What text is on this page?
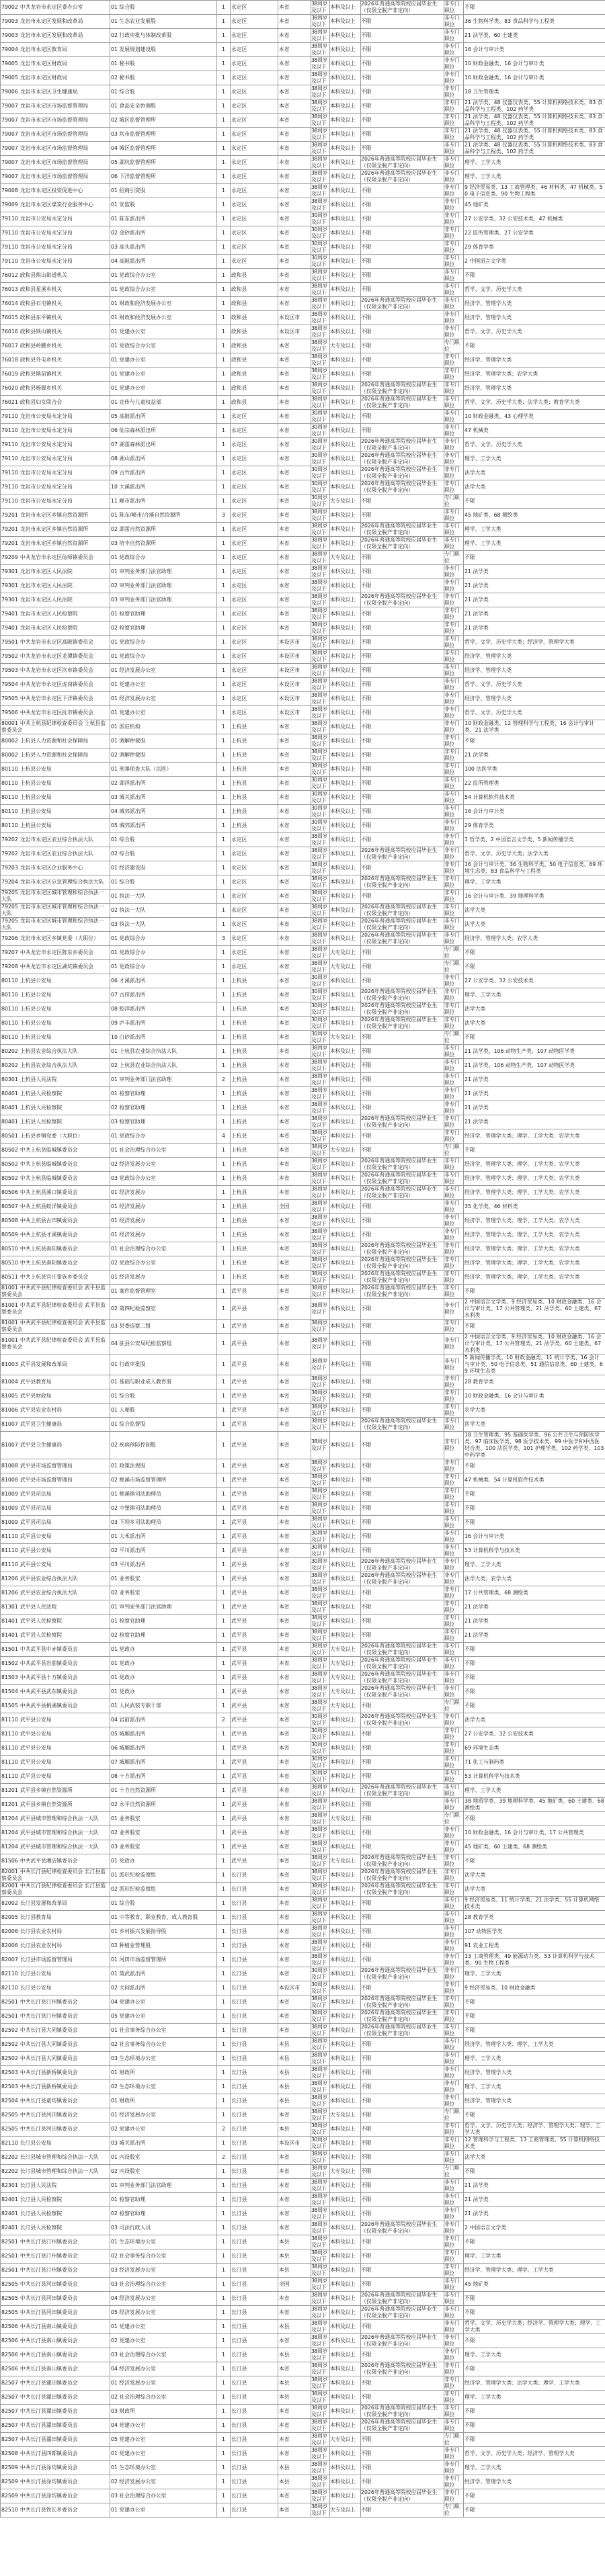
79002 中共龙岩市永定区委办公室	01 综合股	1	永定区	本省	38周岁及以下	本科及以上	2026年普通高等院校应届毕业生（仅限全脱产非定向）	非专门职位	不限
79003 龙岩市永定区发展和改革局	01 生态农业发展股	1	永定区	本省	38周岁及以下	本科及以上	不限	非专门职位	36 生物科学类、83 食品科学与工程类
79003 龙岩市永定区发展和改革局	02 行政审批与体制改革股	1	永定区	本省	38周岁及以下	本科及以上	不限	非专门职位	21 法学类、60 土建类
79004 龙岩市永定区教育局	01 发展规划建设股	1	永定区	本省	38周岁及以下	本科及以上	不限	非专门职位	16 会计与审计类
79005 龙岩市永定区财政局	01 秘书股	1	永定区	本省	38周岁及以下	本科及以上	不限	非专门职位	10 财政金融类、16 会计与审计类
79005 龙岩市永定区财政局	02 秘书股	1	永定区	本省	38周岁及以下	本科及以上	不限	非专门职位	10 财政金融类、16 会计与审计类
79006 龙岩市永定区卫生健康局	01 综合股	1	永定区	本省	38周岁及以下	本科及以上	不限	非专门职位	18 卫生管理类
79007 龙岩市永定区市场监督管理局	01 食品安全协调股	1	永定区	本省	38周岁及以下	本科及以上	不限	非专门职位	21 法学类、48 仪器仪表类、55 计算机网络技术类、83 食品科学与工程类、102 药学类
79007 龙岩市永定区市场监督管理局	02 城区监督管理所	1	永定区	本省	38周岁及以下	本科及以上	不限	非专门职位	21 法学类、48 仪器仪表类、55 计算机网络技术类、83 食品科学与工程类、102 药学类
79007 龙岩市永定区市场监督管理局	03 坎市监督管理所	1	永定区	本省	38周岁及以下	本科及以上	不限	非专门职位	21 法学类、48 仪器仪表类、55 计算机网络技术类、83 食品科学与工程类、102 药学类
79007 龙岩市永定区市场监督管理局	04 城区监督管理所	1	永定区	本省	38周岁及以下	本科及以上	不限	非专门职位	21 法学类、48 仪器仪表类、55 计算机网络技术类、83 食品科学与工程类、102 药学类
79007 龙岩市永定区市场监督管理局	05 湖坑监督管理所	1	永定区	本省	38周岁及以下	本科及以上	2026年普通高等院校应届毕业生（仅限全脱产非定向）	非专门职位	理学、工学大类
79007 龙岩市永定区市场监督管理局	06 下洋监督管理所	1	永定区	本省	38周岁及以下	本科及以上	2026年普通高等院校应届毕业生（仅限全脱产非定向）	非专门职位	理学、工学大类
79008 龙岩市永定区投资促进中心	01 招商引资股	1	永定区	本省	38周岁及以下	本科及以上	不限	非专门职位	9 经济贸易类、13 工商管理类、46 材料类、47 机械类、50 电子信息类、90 生物工程类
79009 龙岩市永定区煤炭行业服务中心	01 安监股	1	永定区	本省	38周岁及以下	本科及以上	不限	非专门职位	45 地矿类
79110 龙岩市公安局永定分局	01 陈东派出所	1	永定区	本省	30周岁及以下	本科及以上	不限	非专门职位	27 公安学类、32 公安技术类、47 机械类
79110 龙岩市公安局永定分局	02 金砂派出所	1	永定区	本省	30周岁及以下	本科及以上	不限	非专门职位	22 监所管理类、27 公安学类
79110 龙岩市公安局永定分局	03 高头派出所	1	永定区	本省	30周岁及以下	本科及以上	不限	非专门职位	29 体育学类
79110 龙岩市公安局永定分局	04 高陂派出所	1	永定区	本省	30周岁及以下	本科及以上	不限	非专门职位	2 中国语言文学类
76012 政和县熊山街道机关	01 党政综合办公室	1	政和县	本省	38周岁及以下	本科及以上	不限	非专门职位	不限
76013 政和县星溪乡机关	01 党政综合办公室	1	政和县	本省	38周岁及以下	本科及以上	不限	非专门职位	哲学、文学、历史学大类
76014 政和县石屯镇机关	01 财政和经济发展办公室	1	政和县	本省	38周岁及以下	本科及以上	2026年普通高等院校应届毕业生（仅限全脱产非定向）	非专门职位	经济学、管理学大类
76015 政和县东平镇机关	01 财政和经济发展办公室	1	政和县	本设区市	38周岁及以下	本科及以上	不限	非专门职位	经济学、管理学大类
76016 政和县铁山镇机关	01 党建办公室	1	政和县	本设区市	38周岁及以下	本科及以上	不限	非专门职位	哲学、文学、历史学大类
76017 政和县岭腰乡机关	01 党政综合办公室	1	政和县	本省	38周岁及以下	大专及以上	不限	专门职位	不限
76018 政和县外屯乡机关	01 党建办公室	1	政和县	本省	38周岁及以下	本科及以上	不限	非专门职位	经济学、管理学大类
76019 政和县镇前镇机关	01 党建办公室	1	政和县	本省	38周岁及以下	本科及以上	不限	非专门职位	经济学、管理学大类；农学大类
76020 政和县杨源乡机关	01 党建办公室	1	政和县	本省	38周岁及以下	本科及以上	2026年普通高等院校应届毕业生（仅限全脱产非定向）	非专门职位	经济学、管理学大类
76021 政和县妇女联合会	01 宣传与儿童权益部	1	政和县	本省	38周岁及以下	本科及以上	2026年普通高等院校应届毕业生（仅限全脱产非定向）	非专门职位	哲学、文学、历史学大类；法学大类；教育学大类
79110 龙岩市公安局永定分局	05 高陂派出所	1	永定区	本省	30周岁及以下	本科及以上	不限	非专门职位	10 财政金融类、43 心理学类
79110 龙岩市公安局永定分局	06 仙宗森林派出所	1	永定区	本省	30周岁及以下	本科及以上	不限	非专门职位	47 机械类
79110 龙岩市公安局永定分局	07 湖雷森林派出所	1	永定区	本省	30周岁及以下	本科及以上	2026年普通高等院校应届毕业生（仅限全脱产非定向）	非专门职位	哲学、文学、历史学大类
79110 龙岩市公安局永定分局	08 湖山派出所	1	永定区	本省	30周岁及以下	本科及以上	2026年普通高等院校应届毕业生（仅限全脱产非定向）	非专门职位	理学、工学大类
79110 龙岩市公安局永定分局	09 古竹派出所	1	永定区	本省	30周岁及以下	本科及以上	2026年普通高等院校应届毕业生（仅限全脱产非定向）	非专门职位	法学大类
79110 龙岩市公安局永定分局	10 大溪派出所	1	永定区	本省	30周岁及以下	本科及以上	2026年普通高等院校应届毕业生（仅限全脱产非定向）	非专门职位	法学大类
79110 龙岩市公安局永定分局	11 峰市派出所	1	永定区	本省	30周岁及以下	大专及以上	不限	专门职位	不限
79201 龙岩市永定区乡镇自然资源所	01 陈东/峰市/合溪自然资源所	3	永定区	本省	38周岁及以下	本科及以上	不限	非专门职位	45 地矿类、68 测绘类
79201 龙岩市永定区乡镇自然资源所	02 湖雷自然资源所	1	永定区	本省	38周岁及以下	本科及以上	2026年普通高等院校应届毕业生（仅限全脱产非定向）	非专门职位	理学、工学大类
79201 龙岩市永定区乡镇自然资源所	03 培丰自然资源所	1	永定区	本省	38周岁及以下	本科及以上	2026年普通高等院校应届毕业生（仅限全脱产非定向）	非专门职位	理学、工学大类
79209 中共龙岩市永定区仙师镇委员会	01 党政综合办	1	永定区	本省	38周岁及以下	大专及以上	不限	专门职位	不限
79301 龙岩市永定区人民法院	01 审判业务部门法官助理	1	永定区	本省	38周岁及以下	本科及以上	不限	非专门职位	21 法学类
79301 龙岩市永定区人民法院	02 审判业务部门法官助理	1	永定区	本省	38周岁及以下	本科及以上	不限	非专门职位	21 法学类
79301 龙岩市永定区人民法院	03 审判业务部门法官助理	1	永定区	本省	38周岁及以下	本科及以上	2026年普通高等院校应届毕业生（仅限全脱产非定向）	非专门职位	21 法学类
79401 龙岩市永定区人民检察院	01 检察官助理	1	永定区	本省	38周岁及以下	本科及以上	不限	非专门职位	21 法学类
79401 龙岩市永定区人民检察院	02 检察官助理	1	永定区	本省	38周岁及以下	本科及以上	不限	非专门职位	21 法学类
79501 中共龙岩市永定区高陂镇委员会	01 党政综合办	1	永定区	本设区市	38周岁及以下	本科及以上	不限	非专门职位	哲学、文学、历史学大类；经济学、管理学大类
79502 中共龙岩市永定区龙潭镇委员会	01 党政综合办	1	永定区	本设区市	38周岁及以下	本科及以上	不限	非专门职位	经济学、管理学大类
79503 中共龙岩市永定区坎市镇委员会	01 经济发展办公室	1	永定区	本设区市	38周岁及以下	本科及以上	不限	非专门职位	经济学、管理学大类
79504 中共龙岩市永定区虎岗镇委员会	01 党建办公室	1	永定区	本设区市	38周岁及以下	本科及以上	不限	非专门职位	哲学、文学、历史学大类
79505 中共龙岩市永定区下洋镇委员会	01 经济发展办公室	1	永定区	本设区市	38周岁及以下	本科及以上	不限	非专门职位	经济学、管理学大类
79506 中共龙岩市永定区抚市镇委员会	01 党建办公室	1	永定区	本设区市	38周岁及以下	本科及以上	不限	非专门职位	哲学、文学、历史学大类
80001 中共上杭县纪律检查委员会 上杭县监察委员会	01 派驻机构	1	上杭县	本省	38周岁及以下	本科及以上	不限	非专门职位	10 财政金融类、12 管理科学与工程类、16 会计与审计类、21 法学类
80002 上杭县人力资源和社会保障局	01 调解仲裁股	1	上杭县	本省	38周岁及以下	本科及以上	不限	非专门职位	不限
80002 上杭县人力资源和社会保障局	02 调解仲裁股	1	上杭县	本省	38周岁及以下	本科及以上	不限	非专门职位	21 法学类
80110 上杭县公安局	01 刑事侦查大队（法医）	1	上杭县	本省	38周岁及以下	本科及以上	不限	非专门职位	100 法医学类
80110 上杭县公安局	02 湖洋派出所	1	上杭县	本省	30周岁及以下	本科及以上	不限	非专门职位	22 监所管理类
80110 上杭县公安局	03 城关派出所	1	上杭县	本省	30周岁及以下	本科及以上	不限	非专门职位	54 计算机软件技术类
80110 上杭县公安局	04 城郊派出所	1	上杭县	本省	30周岁及以下	本科及以上	不限	非专门职位	16 会计与审计类
80110 上杭县公安局	05 城郊派出所	1	上杭县	本省	30周岁及以下	本科及以上	不限	非专门职位	29 体育学类
79202 龙岩市永定区农业综合执法大队	01 综合股	1	永定区	本省	38周岁及以下	本科及以上	不限	非专门职位	1 哲学类、2 中国语言文学类、5 新闻传播学类
79202 龙岩市永定区农业综合执法大队	02 综合股	1	永定区	本省	38周岁及以下	本科及以上	2026年普通高等院校应届毕业生（仅限全脱产非定向）	非专门职位	哲学、文学、历史学大类；法学大类
79203 龙岩市永定区企业服务中心	01 经济建设股	1	永定区	本省	38周岁及以下	本科及以上	不限	非专门职位	16 会计与审计类、36 生物科学类、50 电子信息类、69 环境生态类、83 食品科学与工程类
79204 龙岩市永定区应急管理综合执法大队	01 综合股	1	永定区	本省	38周岁及以下	本科及以上	2026年普通高等院校应届毕业生（仅限全脱产非定向）	非专门职位	理学、工学大类
79205 龙岩市永定区城市管理和综合执法一大队	01 执法一大队	1	永定区	本省	38周岁及以下	本科及以上	不限	非专门职位	16 会计与审计类、39 地理科学类
79205 龙岩市永定区城市管理和综合执法一大队	02 执法一大队	1	永定区	本省	38周岁及以下	本科及以上	2026年普通高等院校应届毕业生（仅限全脱产非定向）	非专门职位	法学大类
79205 龙岩市永定区城市管理和综合执法一大队	03 执法一大队	1	永定区	本省	38周岁及以下	本科及以上	2026年普通高等院校应届毕业生（仅限全脱产非定向）	非专门职位	法学大类
79206 龙岩市永定区乡镇党委（大职位）	01 党政综合办	3	永定区	本省	38周岁及以下	本科及以上	2026年普通高等院校应届毕业生（仅限全脱产非定向）	非专门职位	经济学、管理学大类；农学大类
79207 中共龙岩市永定区陈东乡委员会	01 党政综合办	1	永定区	本省	38周岁及以下	大专及以上	不限	专门职位	不限
79208 中共龙岩市永定区湖坑镇委员会	01 党政综合办	1	永定区	本省	38周岁及以下	大专及以上	不限	专门职位	不限
80110 上杭县公安局	06 才溪派出所	1	上杭县	本省	30周岁及以下	本科及以上	不限	非专门职位	27 公安学类、32 公安技术类
80110 上杭县公安局	07 古田派出所	1	上杭县	本省	30周岁及以下	本科及以上	2026年普通高等院校应届毕业生（仅限全脱产非定向）	非专门职位	理学、工学大类
80110 上杭县公安局	08 蛟洋派出所	1	上杭县	本省	30周岁及以下	本科及以上	2026年普通高等院校应届毕业生（仅限全脱产非定向）	非专门职位	法学大类
80110 上杭县公安局	09 庐丰派出所	1	上杭县	本省	30周岁及以下	本科及以上	2026年普通高等院校应届毕业生（仅限全脱产非定向）	非专门职位	法学大类
80110 上杭县公安局	10 白砂派出所	1	上杭县	本省	30周岁及以下	大专及以上	不限	专门职位	不限
80202 上杭县农业综合执法大队	01 上杭县农业综合执法大队	1	上杭县	本省	38周岁及以下	本科及以上	不限	非专门职位	21 法学类、106 动物生产类、107 动物医学类
80202 上杭县农业综合执法大队	02 上杭县农业综合执法大队	1	上杭县	本省	38周岁及以下	本科及以上	不限	非专门职位	21 法学类、106 动物生产类、107 动物医学类
80301 上杭县人民法院	01 审判业务部门法官助理	2	上杭县	本省	38周岁及以下	本科及以上	不限	非专门职位	21 法学类
80401 上杭县人民检察院	01 检察官助理	1	上杭县	本省	38周岁及以下	本科及以上	不限	非专门职位	21 法学类
80401 上杭县人民检察院	02 检察官助理	1	上杭县	本省	38周岁及以下	本科及以上	不限	非专门职位	21 法学类
80401 上杭县人民检察院	03 检察官助理	1	上杭县	本省	38周岁及以下	本科及以上	2026年普通高等院校应届毕业生（仅限全脱产非定向）	非专门职位	21 法学类
80501 上杭县乡镇党委（大职位）	01 党政综合办	4	上杭县	本省	38周岁及以下	本科及以上	不限	非专门职位	经济学、管理学大类；理学、工学大类；农学大类
80502 中共上杭县临城镇委员会	01 社会治理综合办公室	1	上杭县	本省	38周岁及以下	大专及以上	不限	专门职位	不限
80502 中共上杭县临城镇委员会	02 经济发展办公室	1	上杭县	本省	38周岁及以下	本科及以上	2026年普通高等院校应届毕业生（仅限全脱产非定向）	非专门职位	经济学、管理学大类；理学、工学大类；农学大类
80502 中共上杭县临城镇委员会	03 党政综合办公室	1	上杭县	本省	38周岁及以下	本科及以上	2026年普通高等院校应届毕业生（仅限全脱产非定向）	非专门职位	经济学、管理学大类；理学、工学大类；农学大类
80506 中共上杭县溪口镇委员会	01 经济发展办	1	上杭县	本省	38周岁及以下	本科及以上	2026年普通高等院校应届毕业生（仅限全脱产非定向）	非专门职位	经济学、管理学大类；理学、工学大类；农学大类
80507 中共上杭县蛟洋镇委员会	01 经济发展办	1	上杭县	全国	38周岁及以下	本科及以上	不限	非专门职位	35 化学类、46 材料类
80508 中共上杭县古田镇委员会	01 经济发展办	1	上杭县	本省	38周岁及以下	本科及以上	不限	非专门职位	经济学、管理学大类；理学、工学大类；农学大类
80509 中共上杭县才溪镇委员会	01 经济发展办	1	上杭县	本省	38周岁及以下	本科及以上	不限	非专门职位	经济学、管理学大类；理学、工学大类；农学大类
80510 中共上杭县南阳镇委员会	01 社会治理综合办公室	1	上杭县	本省	38周岁及以下	本科及以上	2026年普通高等院校应届毕业生（仅限全脱产非定向）	非专门职位	经济学、管理学大类；理学、工学大类；农学大类
80510 中共上杭县南阳镇委员会	02 党政综合办公室	1	上杭县	本省	38周岁及以下	本科及以上	2026年普通高等院校应届毕业生（仅限全脱产非定向）	非专门职位	经济学、管理学大类；理学、工学大类；农学大类
80511 中共上杭县官庄畲族乡委员会	01 经济发展办	1	上杭县	本省	38周岁及以下	本科及以上	2026年普通高等院校应届毕业生（仅限全脱产非定向）	非专门职位	经济学、管理学大类；理学、工学大类；农学大类
81001 中共武平县纪律检查委员会 武平县监察委员会	01 案件监督管理室	1	武平县	本省	38周岁及以下	本科及以上	2026年普通高等院校应届毕业生（仅限全脱产非定向）	非专门职位	不限
81001 中共武平县纪律检查委员会 武平县监察委员会	02 第四纪检监察室	1	武平县	本省	38周岁及以下	本科及以上	不限	非专门职位	2 中国语言文学类、9 经济贸易类、10 财政金融类、16 会计与审计类、17 公共管理类、21 法学类、60 土建类、67 水利类
81001 中共武平县纪律检查委员会 武平县监察委员会	03 县委巡察二组	1	武平县	本省	38周岁及以下	本科及以上	不限	非专门职位	不限
81001 中共武平县纪律检查委员会 武平县监察委员会	04 驻县公安局纪检监察组	1	武平县	本省	38周岁及以下	本科及以上	不限	非专门职位	2 中国语言文学类、9 经济贸易类、10 财政金融类、16 会计与审计类、17 公共管理类、21 法学类、60 土建类、67 水利类
81003 武平县发展和改革局	01 行政审批股	1	武平县	本省	38周岁及以下	本科及以上	不限	非专门职位	5 新闻传播学类、10 财政金融类、11 统计学类、16 会计与审计类、50 电子信息类、51 通信信息类、60 土建类、69 环境生态类
81004 武平县教育局	01 基础与职业成人教育股	1	武平县	本省	38周岁及以下	本科及以上	不限	非专门职位	28 教育学类
81005 武平县财政局	01 综合股	1	武平县	本省	38周岁及以下	本科及以上	不限	非专门职位	10 财政金融类、16 会计与审计类
81006 武平县农业农村局	01 人秘股	1	武平县	本省	38周岁及以下	本科及以上	不限	非专门职位	农学大类
81007 武平县卫生健康局	01 综合监督股	1	武平县	本省	38周岁及以下	本科及以上	2026年普通高等院校应届毕业生（仅限全脱产非定向）	非专门职位	医学大类
81007 武平县卫生健康局	02 疾病预防控制股	1	武平县	本省	38周岁及以下	本科及以上	不限	非专门职位	18 卫生管理类、95 基础医学类、96 公共卫生与预防医学类、97 临床医学类、98 医学技术类、99 中医学和中西医结合类、100 法医学类、101 护理学类、102 药学类、103 中药学类
81008 武平县市场监督管理局	01 政策法规股	1	武平县	本省	38周岁及以下	本科及以上	不限	非专门职位	不限
81008 武平县市场监督管理局	02 桃溪市场监督管理所	1	武平县	本省	38周岁及以下	本科及以上	不限	非专门职位	47 机械类、54 计算机软件技术类
81009 武平县司法局	01 桃溪镇司法助理员	1	武平县	本省	38周岁及以下	本科及以上	不限	非专门职位	不限
81009 武平县司法局	02 中堡镇司法助理员	1	武平县	本省	38周岁及以下	本科及以上	不限	非专门职位	不限
81009 武平县司法局	03 下坝乡司法助理员	1	武平县	本省	38周岁及以下	本科及以上	不限	非专门职位	不限
81110 武平县公安局	01 大禾派出所	1	武平县	本省	30周岁及以下	本科及以上	不限	非专门职位	16 会计与审计类
81110 武平县公安局	02 平川派出所	1	武平县	本省	30周岁及以下	本科及以上	不限	非专门职位	53 计算机科学与技术类
81110 武平县公安局	03 平川派出所	1	武平县	本省	30周岁及以下	本科及以上	2026年普通高等院校应届毕业生（仅限全脱产非定向）	非专门职位	理学、工学大类
81206 武平县农业综合执法大队	01 业务股室	1	武平县	本省	38周岁及以下	本科及以上	2026年普通高等院校应届毕业生（仅限全脱产非定向）	非专门职位	法学大类；农学大类
81206 武平县农业综合执法大队	02 业务股室	1	武平县	本省	38周岁及以下	本科及以上	不限	非专门职位	17 公共管理类、68 测绘类
81301 武平县人民法院	01 审判业务部门法官助理	1	武平县	本省	38周岁及以下	本科及以上	不限	非专门职位	21 法学类
81401 武平县人民检察院	01 检察官助理	1	武平县	本省	38周岁及以下	本科及以上	不限	非专门职位	21 法学类
81401 武平县人民检察院	02 检察官助理	1	武平县	本省	38周岁及以下	本科及以上	不限	非专门职位	21 法学类
81501 中共武平县中赤镇委员会	01 党政办	1	武平县	本省	38周岁及以下	大专及以上	2026年普通高等院校应届毕业生（仅限全脱产非定向）	非专门职位	不限
81502 中共武平县岩前镇委员会	01 党政办	1	武平县	本省	38周岁及以下	大专及以上	2026年普通高等院校应届毕业生（仅限全脱产非定向）	非专门职位	不限
81503 中共武平县十方镇委员会	01 党政办	1	武平县	本省	38周岁及以下	大专及以上	2026年普通高等院校应届毕业生（仅限全脱产非定向）	非专门职位	不限
81504 中共武平县武东镇委员会	01 党政办	1	武平县	本省	38周岁及以下	大专及以上	2026年普通高等院校应届毕业生（仅限全脱产非定向）	非专门职位	不限
81505 中共武平县桃溪镇委员会	01 人民武装专职干部	1	武平县	本省	38周岁及以下	大专及以上	不限	专门职位	不限
81110 武平县公安局	04 岩前派出所	2	武平县	本省	30周岁及以下	本科及以上	2026年普通高等院校应届毕业生（仅限全脱产非定向）	非专门职位	法学大类
81110 武平县公安局	05 城厢派出所	1	武平县	本省	30周岁及以下	本科及以上	不限	非专门职位	27 公安学类、32 公安技术类
81110 武平县公安局	06 城厢派出所	1	武平县	本省	30周岁及以下	本科及以上	不限	非专门职位	69 环境生态类
81110 武平县公安局	07 城厢派出所	1	武平县	本省	30周岁及以下	本科及以上	不限	非专门职位	71 化工与制药类
81110 武平县公安局	08 十方派出所	1	武平县	本省	30周岁及以下	本科及以上	不限	非专门职位	53 计算机科学与技术类
81201 武平县乡镇自然资源所	01 十方自然资源所	1	武平县	本省	38周岁及以下	本科及以上	2026年普通高等院校应届毕业生（仅限全脱产非定向）	非专门职位	理学、工学大类
81201 武平县乡镇自然资源所	02 永平自然资源所	1	武平县	本省	38周岁及以下	本科及以上	不限	非专门职位	38 地质学类、39 地理科学类、45 地矿类、60 土建类、68 测绘类
81204 武平县城市管理和综合执法一大队	01 业务股室	1	武平县	本省	38周岁及以下	大专及以上	不限	专门职位	不限
81204 武平县城市管理和综合执法一大队	02 业务股室	1	武平县	本省	38周岁及以下	本科及以上	不限	非专门职位	10 财政金融类、16 会计与审计类、17 公共管理类
81204 武平县城市管理和综合执法一大队	03 业务股室	1	武平县	本省	38周岁及以下	本科及以上	不限	非专门职位	45 地矿类、60 土建类、68 测绘类
81506 中共武平县湘店镇委员会	01 党政办	1	武平县	本省	38周岁及以下	大专及以上	2026年普通高等院校应届毕业生（仅限全脱产非定向）	非专门职位	不限
82001 中共长汀县纪律检查委员会 长汀县监察委员会	01 派驻纪检监察组	1	长汀县	本省	38周岁及以下	本科及以上	2026年普通高等院校应届毕业生（仅限全脱产非定向）	非专门职位	法学大类
82001 中共长汀县纪律检查委员会 长汀县监察委员会	02 派驻纪检监察组	1	长汀县	本省	38周岁及以下	本科及以上	2026年普通高等院校应届毕业生（仅限全脱产非定向）	非专门职位	法学大类
82002 长汀县发展和改革局	01 综合股	1	长汀县	本省	38周岁及以下	本科及以上	不限	非专门职位	9 经济贸易类、11 统计学类、21 法学类、55 计算机网络技术类
82005 长汀县教育局	01 中等教育、职业教育、成人教育股	1	长汀县	本省	38周岁及以下	本科及以上	不限	非专门职位	28 教育学类
82006 长汀县农业农村局	01 乡村振兴发展指导股	1	长汀县	本省	38周岁及以下	本科及以上	不限	非专门职位	107 动物医学类
82006 长汀县农业农村局	02 种植业管理股	1	长汀县	本省	38周岁及以下	本科及以上	不限	非专门职位	91 农业工程类
82007 长汀县市场监督管理局	01 河田市场监督管理所	1	长汀县	本省	38周岁及以下	本科及以上	不限	非专门职位	13 工商管理类、49 能源动力类、53 计算机科学与技术类、90 生物工程类
82110 长汀县公安局	01 策武派出所	1	长汀县	本省	30周岁及以下	本科及以上	2026年普通高等院校应届毕业生（仅限全脱产非定向）	非专门职位	理学、工学大类
82110 长汀县公安局	02 大同派出所	1	长汀县	本设区市	30周岁及以下	本科及以上	不限	非专门职位	9 经济贸易类、10 财政金融类
82501 中共长汀县汀州镇委员会	04 党建办公室	1	长汀县	本省	38周岁及以下	本科及以上	2026年普通高等院校应届毕业生（仅限全脱产非定向）	非专门职位	不限
82501 中共长汀县汀州镇委员会	05 党建办公室	1	长汀县	本省	38周岁及以下	本科及以上	2026年普通高等院校应届毕业生（仅限全脱产非定向）	非专门职位	不限
82502 中共长汀县大同镇委员会	01 社会事务综合办公室	1	长汀县	本省	38周岁及以下	本科及以上	2026年普通高等院校应届毕业生（仅限全脱产非定向）	非专门职位	不限
82502 中共长汀县大同镇委员会	02 社会事务综合办公室	1	长汀县	本县	38周岁及以下	本科及以上	不限	非专门职位	经济学、管理学大类；理学、工学大类
82502 中共长汀县大同镇委员会	03 生态环境办公室	1	长汀县	本县	38周岁及以下	本科及以上	不限	非专门职位	理学、工学大类
82503 中共长汀县新桥镇委员会	01 财政所	1	长汀县	本县	38周岁及以下	本科及以上	不限	非专门职位	经济学、管理学大类
82503 中共长汀县新桥镇委员会	02 生态环境办公室	1	长汀县	本县	38周岁及以下	本科及以上	不限	非专门职位	理学、工学大类
82504 中共长汀县童坊镇委员会	01 财政所	1	长汀县	本县	38周岁及以下	本科及以上	不限	非专门职位	经济学、管理学大类
82505 中共长汀县河田镇委员会	01 经济发展办公室	1	长汀县	本省	38周岁及以下	大专及以上	不限	专门职位	不限
82505 中共长汀县河田镇委员会	02 党建办公室	2	长汀县	本县	38周岁及以下	本科及以上	不限	非专门职位	哲学、文学、历史学大类；经济学、管理学大类；理学、工学大类
82110 长汀县公安局	03 城关派出所	1	长汀县	本设区市	30周岁及以下	本科及以上	不限	非专门职位	12 管理科学与工程类、13 工商管理类、55 计算机网络技术类
82202 长汀县城市管理和综合执法一大队	01 内设股室	2	长汀县	本省	38周岁及以下	本科及以上	不限	非专门职位	法学大类
82202 长汀县城市管理和综合执法一大队	02 内设股室	1	长汀县	本省	38周岁及以下	大专及以上	不限	专门职位	不限
82301 长汀县人民法院	01 审判业务部门法官助理	1	长汀县	本省	38周岁及以下	本科及以上	不限	非专门职位	21 法学类
82401 长汀县人民检察院	01 检察官助理	1	长汀县	本省	38周岁及以下	本科及以上	不限	非专门职位	21 法学类
82401 长汀县人民检察院	02 检察官助理	1	长汀县	本省	38周岁及以下	本科及以上	不限	非专门职位	21 法学类
82401 长汀县人民检察院	03 司法行政人员	1	长汀县	本省	38周岁及以下	本科及以上	2026年普通高等院校应届毕业生（仅限全脱产非定向）	非专门职位	2 中国语言文学类
82501 中共长汀县汀州镇委员会	01 生态环境办公室	1	长汀县	本县	38周岁及以下	本科及以上	不限	非专门职位	不限
82501 中共长汀县汀州镇委员会	02 社会事务综合办公室	1	长汀县	本县	38周岁及以下	本科及以上	不限	非专门职位	理学、工学大类
82501 中共长汀县汀州镇委员会	03 经济发展办公室	1	长汀县	本县	38周岁及以下	本科及以上	不限	非专门职位	经济学、管理学大类；理学、工学大类
82505 中共长汀县河田镇委员会	03 社会治理综合办公室	1	长汀县	全国	38周岁及以下	本科及以上	不限	非专门职位	45 地矿类
82505 中共长汀县河田镇委员会	04 经济发展办公室	1	长汀县	本省	38周岁及以下	本科及以上	2026年普通高等院校应届毕业生（仅限全脱产非定向）	非专门职位	不限
82505 中共长汀县河田镇委员会	05 经济发展办公室	1	长汀县	本省	38周岁及以下	本科及以上	2026年普通高等院校应届毕业生（仅限全脱产非定向）	非专门职位	不限
82506 中共长汀县南山镇委员会	01 党建办公室	1	长汀县	本县	38周岁及以下	本科及以上	不限	非专门职位	哲学、文学、历史学大类；经济学、管理学大类；理学、工学大类
82506 中共长汀县南山镇委员会	02 党建办公室	1	长汀县	本省	38周岁及以下	本科及以上	2026年普通高等院校应届毕业生（仅限全脱产非定向）	非专门职位	不限
82506 中共长汀县南山镇委员会	03 社会治理综合办公室	1	长汀县	本县	38周岁及以下	本科及以上	不限	非专门职位	理学、工学大类
82506 中共长汀县南山镇委员会	04 经济发展办公室	1	长汀县	本省	38周岁及以下	本科及以上	2026年普通高等院校应届毕业生（仅限全脱产非定向）	非专门职位	不限
82507 中共长汀县濯田镇委员会	01 经济发展办公室	1	长汀县	本县	38周岁及以下	本科及以上	不限	非专门职位	经济学、管理学大类；法学大类；理学、工学大类
82507 中共长汀县濯田镇委员会	02 社会治理综合办公室	1	长汀县	本县	38周岁及以下	本科及以上	不限	非专门职位	理学、工学大类
82507 中共长汀县濯田镇委员会	03 财政所	1	长汀县	本省	38周岁及以下	本科及以上	2026年普通高等院校应届毕业生（仅限全脱产非定向）	非专门职位	不限
82507 中共长汀县濯田镇委员会	04 党建办公室	1	长汀县	本省	38周岁及以下	本科及以上	2026年普通高等院校应届毕业生（仅限全脱产非定向）	非专门职位	不限
82507 中共长汀县濯田镇委员会	05 党建办公室	1	长汀县	本省	38周岁及以下	大专及以上	不限	专门职位	不限
82508 中共长汀县四都镇委员会	01 党建办公室	1	长汀县	本省	38周岁及以下	本科及以上	不限	非专门职位	哲学、文学、历史学大类；经济学、管理学大类
82509 中共长汀县涂坊镇委员会	01 生态环境办公室	1	长汀县	本县	38周岁及以下	本科及以上	不限	非专门职位	理学、工学大类
82509 中共长汀县涂坊镇委员会	02 经济发展办公室	1	长汀县	本县	38周岁及以下	本科及以上	不限	非专门职位	经济学、管理学大类
82509 中共长汀县涂坊镇委员会	03 社会治理综合办公室	1	长汀县	本省	38周岁及以下	本科及以上	2026年普通高等院校应届毕业生（仅限全脱产非定向）	非专门职位	不限
82510 中共长汀县铁长乡委员会	01 党建办公室	1	长汀县	本省	38周岁及以下	大专及以上	不限	专门职位	不限
